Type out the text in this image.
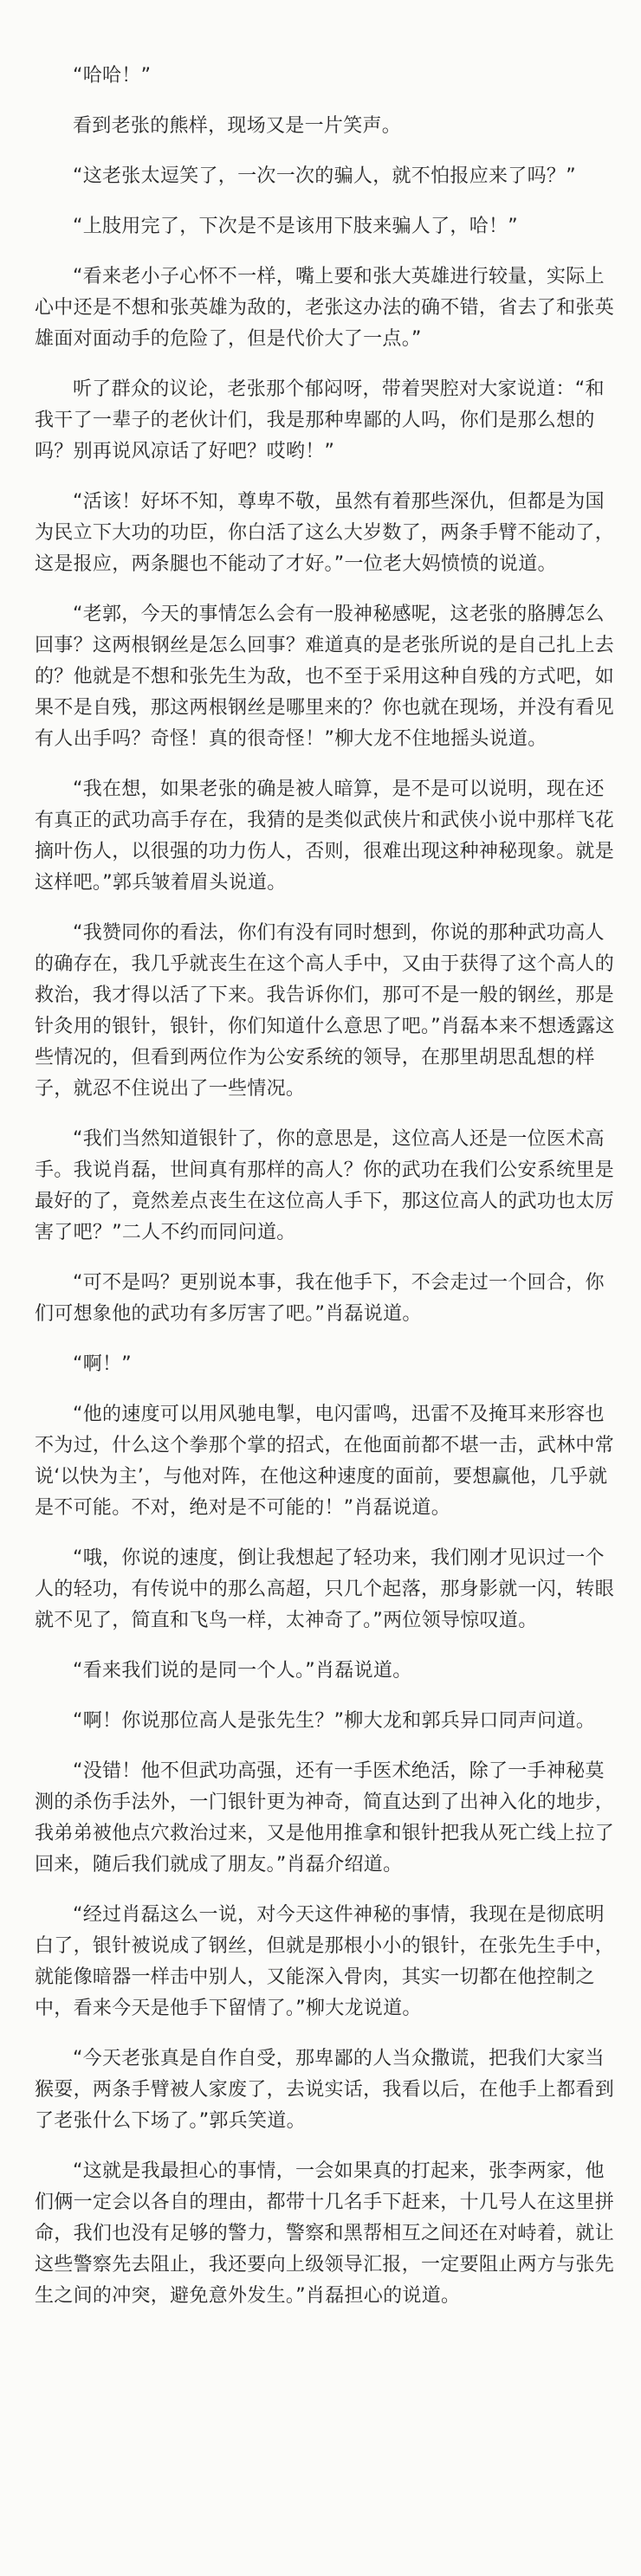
“哈哈！”

看到老张的熊样，现场又是一片笑声。

“这老张太逗笑了，一次一次的骗人，就不怕报应来了吗？”

“上肢用完了，下次是不是该用下肢来骗人了，哈！”

“看来老小子心怀不一样，嘴上要和张大英雄进行较量，实际上心中还是不想和张英雄为敌的，老张这办法的确不错，省去了和张英雄面对面动手的危险了，但是代价大了一点。”

听了群众的议论，老张那个郁闷呀，带着哭腔对大家说道：“和我干了一辈子的老伙计们，我是那种卑鄙的人吗，你们是那么想的吗？别再说风凉话了好吧？哎哟！”

“活该！好坏不知，尊卑不敬，虽然有着那些深仇，但都是为国为民立下大功的功臣，你白活了这么大岁数了，两条手臂不能动了，这是报应，两条腿也不能动了才好。”一位老大妈愤愤的说道。

“老郭，今天的事情怎么会有一股神秘感呢，这老张的胳膊怎么回事？这两根钢丝是怎么回事？难道真的是老张所说的是自己扎上去的？他就是不想和张先生为敌，也不至于采用这种自残的方式吧，如果不是自残，那这两根钢丝是哪里来的？你也就在现场，并没有看见有人出手吗？奇怪！真的很奇怪！”柳大龙不住地摇头说道。

“我在想，如果老张的确是被人暗算，是不是可以说明，现在还有真正的武功高手存在，我猜的是类似武侠片和武侠小说中那样飞花摘叶伤人，以很强的功力伤人，否则，很难出现这种神秘现象。就是这样吧。”郭兵皱着眉头说道。

“我赞同你的看法，你们有没有同时想到，你说的那种武功高人的确存在，我几乎就丧生在这个高人手中，又由于获得了这个高人的救治，我才得以活了下来。我告诉你们，那可不是一般的钢丝，那是针灸用的银针，银针，你们知道什么意思了吧。”肖磊本来不想透露这些情况的，但看到两位作为公安系统的领导，在那里胡思乱想的样子，就忍不住说出了一些情况。

“我们当然知道银针了，你的意思是，这位高人还是一位医术高手。我说肖磊，世间真有那样的高人？你的武功在我们公安系统里是最好的了，竟然差点丧生在这位高人手下，那这位高人的武功也太厉害了吧？”二人不约而同问道。

“可不是吗？更别说本事，我在他手下，不会走过一个回合，你们可想象他的武功有多厉害了吧。”肖磊说道。

“啊！”

“他的速度可以用风驰电掣，电闪雷鸣，迅雷不及掩耳来形容也不为过，什么这个拳那个掌的招式，在他面前都不堪一击，武林中常说‘以快为主’，与他对阵，在他这种速度的面前，要想赢他，几乎就是不可能。不对，绝对是不可能的！”肖磊说道。

“哦，你说的速度，倒让我想起了轻功来，我们刚才见识过一个人的轻功，有传说中的那么高超，只几个起落，那身影就一闪，转眼就不见了，简直和飞鸟一样，太神奇了。”两位领导惊叹道。

“看来我们说的是同一个人。”肖磊说道。

“啊！你说那位高人是张先生？”柳大龙和郭兵异口同声问道。

“没错！他不但武功高强，还有一手医术绝活，除了一手神秘莫测的杀伤手法外，一门银针更为神奇，简直达到了出神入化的地步，我弟弟被他点穴救治过来，又是他用推拿和银针把我从死亡线上拉了回来，随后我们就成了朋友。”肖磊介绍道。

“经过肖磊这么一说，对今天这件神秘的事情，我现在是彻底明白了，银针被说成了钢丝，但就是那根小小的银针，在张先生手中，就能像暗器一样击中别人，又能深入骨肉，其实一切都在他控制之中，看来今天是他手下留情了。”柳大龙说道。

“今天老张真是自作自受，那卑鄙的人当众撒谎，把我们大家当猴耍，两条手臂被人家废了，去说实话，我看以后，在他手上都看到了老张什么下场了。”郭兵笑道。

“这就是我最担心的事情，一会如果真的打起来，张李两家，他们俩一定会以各自的理由，都带十几名手下赶来，十几号人在这里拼命，我们也没有足够的警力，警察和黑帮相互之间还在对峙着，就让这些警察先去阻止，我还要向上级领导汇报，一定要阻止两方与张先生之间的冲突，避免意外发生。”肖磊担心的说道。
